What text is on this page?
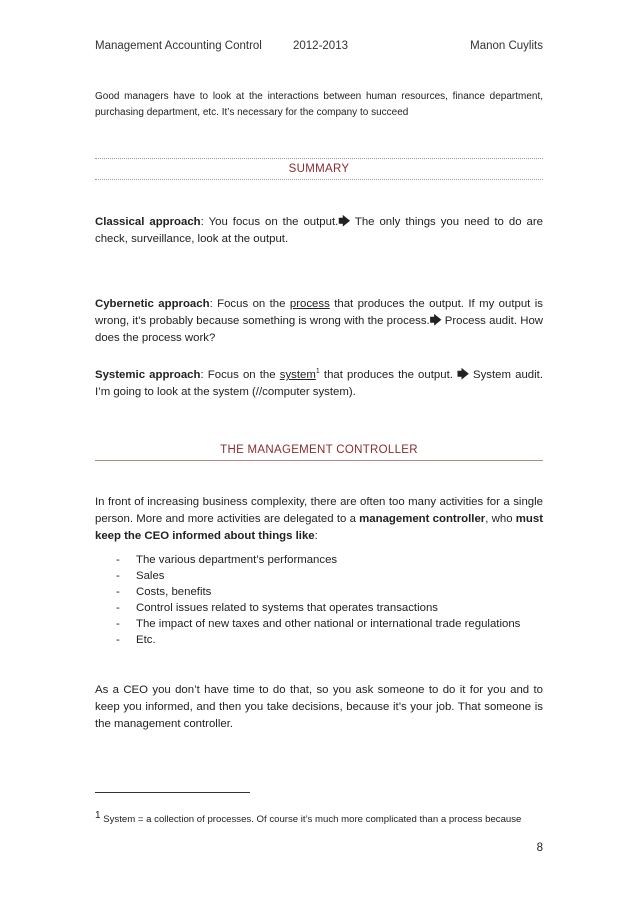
Management Accounting Control	2012-2013	Manon Cuylits
Good managers have to look at the interactions between human resources, finance department, purchasing department, etc. It’s necessary for the company to succeed
SUMMARY
Classical approach: You focus on the output.🡆 The only things you need to do are check, surveillance, look at the output.
Cybernetic approach: Focus on the process that produces the output. If my output is wrong, it’s probably because something is wrong with the process.🡆 Process audit. How does the process work?
Systemic approach: Focus on the system$^1$ that produces the output. 🡆 System audit. I’m going to look at the system (//computer system).
THE MANAGEMENT CONTROLLER
In front of increasing business complexity, there are often too many activities for a single person. More and more activities are delegated to a management controller, who must keep the CEO informed about things like:
- The various department’s performances
- Sales
- Costs, benefits
- Control issues related to systems that operates transactions
- The impact of new taxes and other national or international trade regulations
- Etc.
As a CEO you don’t have time to do that, so you ask someone to do it for you and to keep you informed, and then you take decisions, because it’s your job. That someone is the management controller.
1 System = a collection of processes. Of course it’s much more complicated than a process because
8
